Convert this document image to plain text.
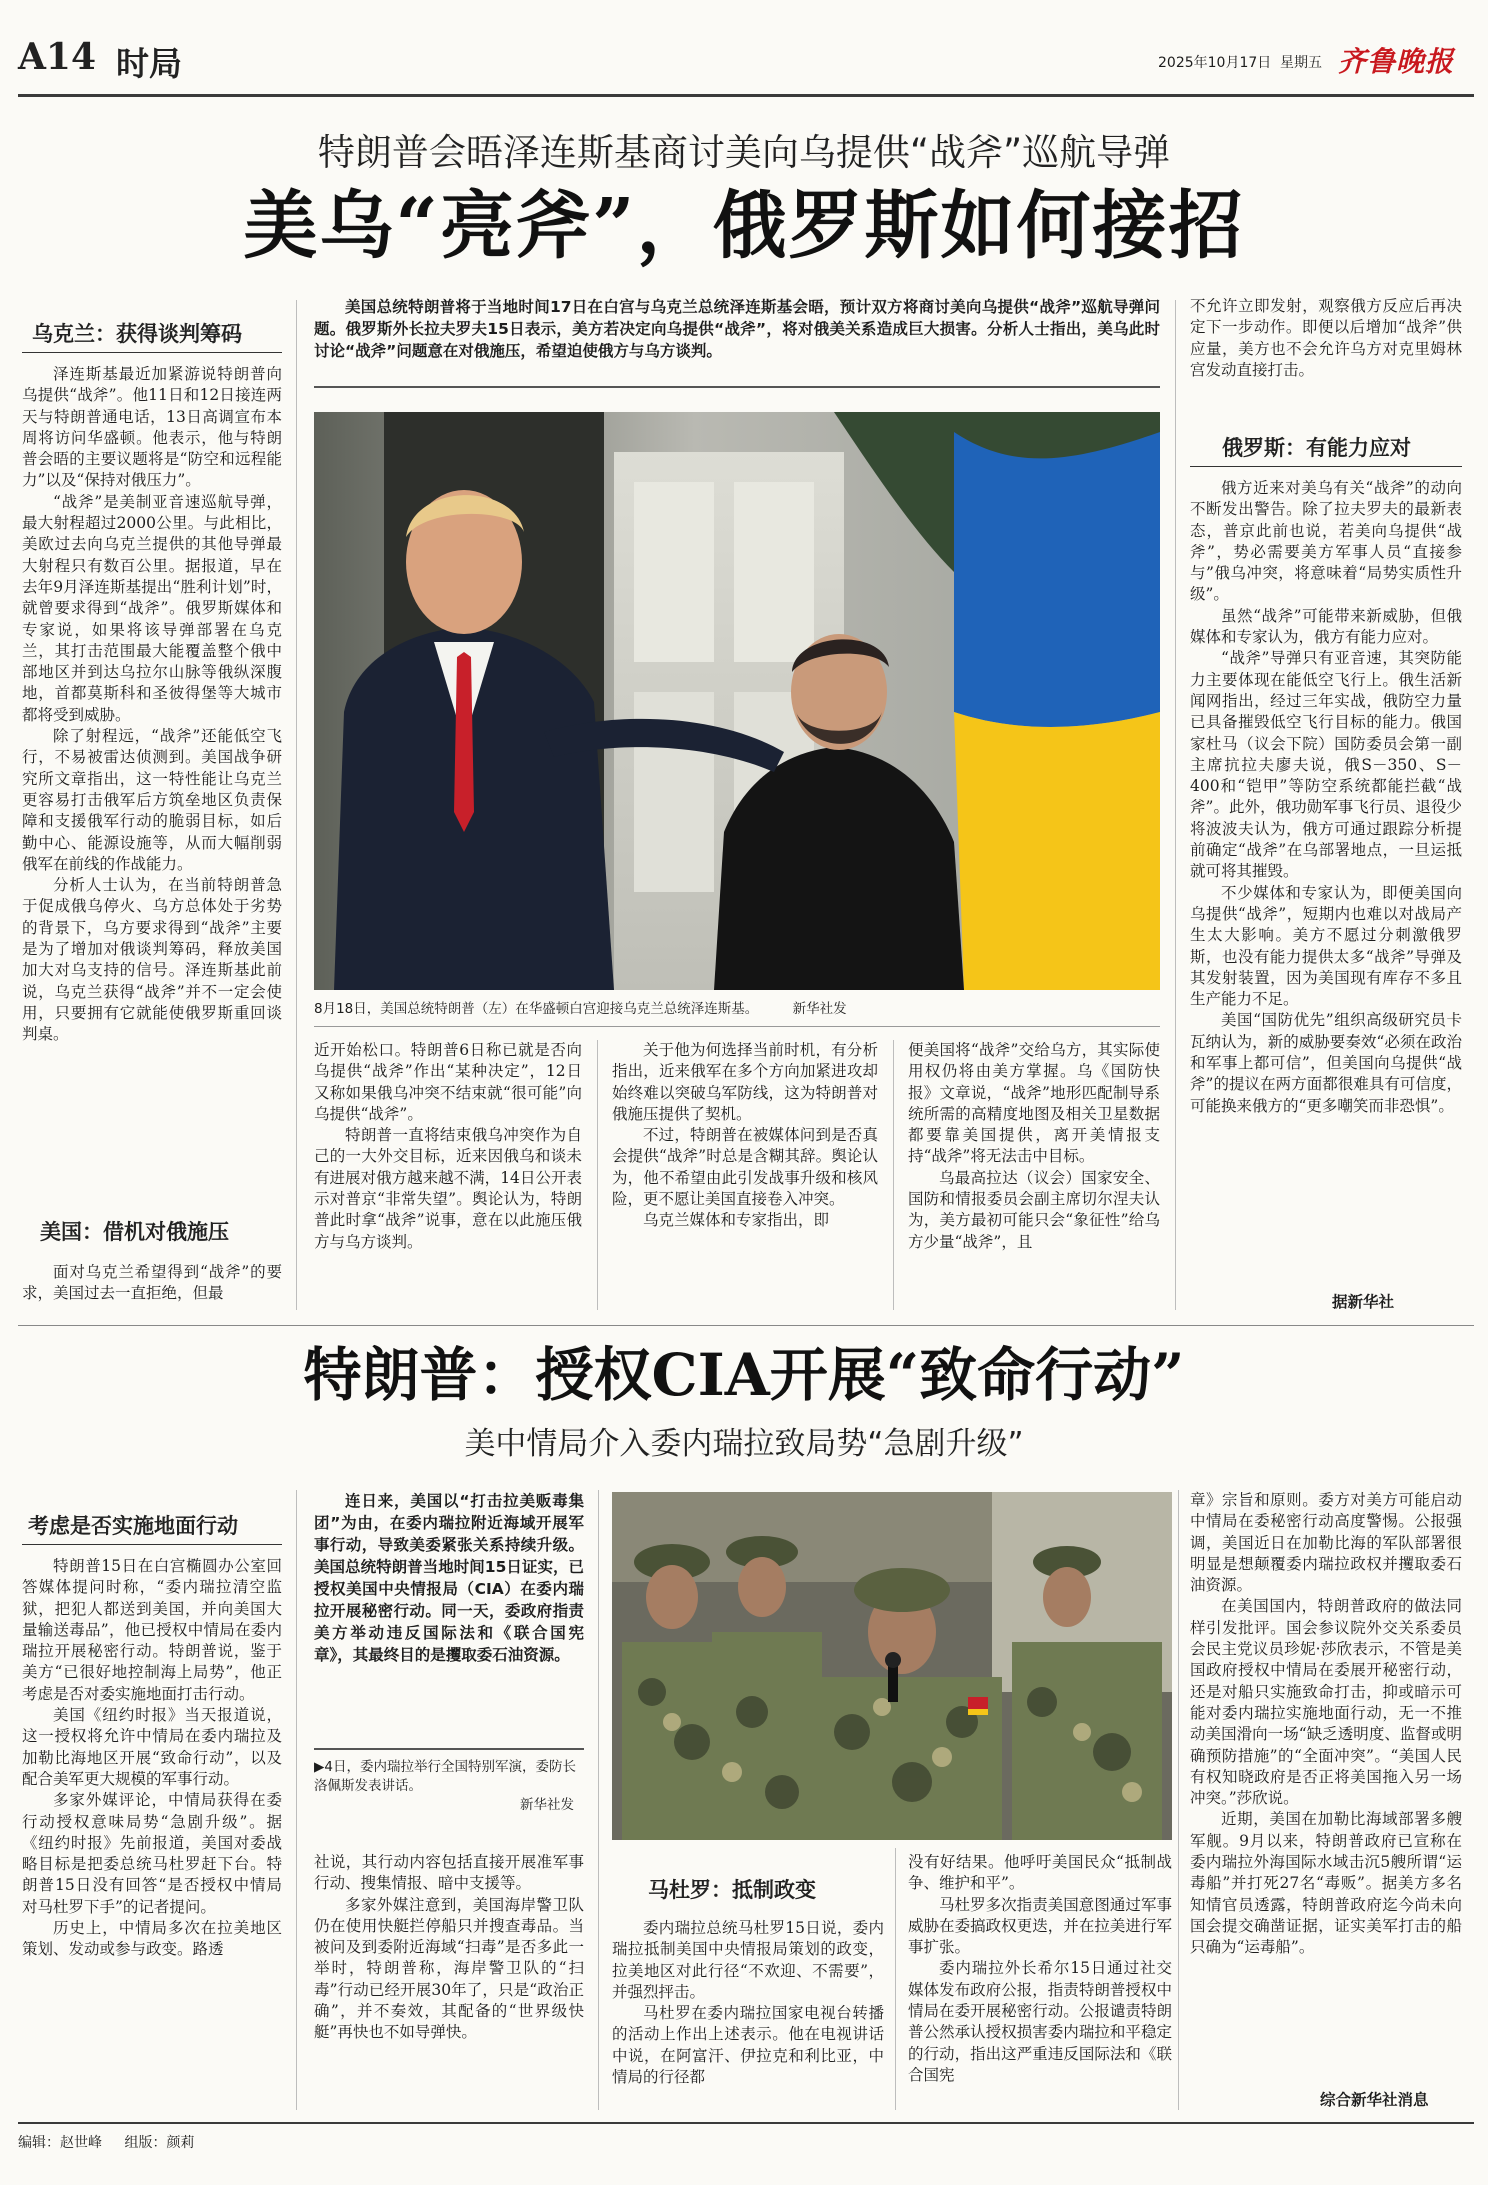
A14 时局	2025年10月17日 星期五 齐鲁晚报
特朗普会晤泽连斯基商讨美向乌提供“战斧”巡航导弹
美乌“亮斧”，俄罗斯如何接招
乌克兰：获得谈判筹码

泽连斯基最近加紧游说特朗普向乌提供“战斧”。他11日和12日接连两天与特朗普通电话，13日高调宣布本周将访问华盛顿。他表示，他与特朗普会晤的主要议题将是“防空和远程能力”以及“保持对俄压力”。

“战斧”是美制亚音速巡航导弹，最大射程超过2000公里。与此相比，美欧过去向乌克兰提供的其他导弹最大射程只有数百公里。据报道，早在去年9月泽连斯基提出“胜利计划”时，就曾要求得到“战斧”。俄罗斯媒体和专家说，如果将该导弹部署在乌克兰，其打击范围最大能覆盖整个俄中部地区并到达乌拉尔山脉等俄纵深腹地，首都莫斯科和圣彼得堡等大城市都将受到威胁。

除了射程远，“战斧”还能低空飞行，不易被雷达侦测到。美国战争研究所文章指出，这一特性能让乌克兰更容易打击俄军后方筑垒地区负责保障和支援俄军行动的脆弱目标，如后勤中心、能源设施等，从而大幅削弱俄军在前线的作战能力。

分析人士认为，在当前特朗普急于促成俄乌停火、乌方总体处于劣势的背景下，乌方要求得到“战斧”主要是为了增加对俄谈判筹码，释放美国加大对乌支持的信号。泽连斯基此前说，乌克兰获得“战斧”并不一定会使用，只要拥有它就能使俄罗斯重回谈判桌。

美国：借机对俄施压

面对乌克兰希望得到“战斧”的要求，美国过去一直拒绝，但最

美国总统特朗普将于当地时间17日在白宫与乌克兰总统泽连斯基会晤，预计双方将商讨美向乌提供“战斧”巡航导弹问题。俄罗斯外长拉夫罗夫15日表示，美方若决定向乌提供“战斧”，将对俄美关系造成巨大损害。分析人士指出，美乌此时讨论“战斧”问题意在对俄施压，希望迫使俄方与乌方谈判。

8月18日，美国总统特朗普（左）在华盛顿白宫迎接乌克兰总统泽连斯基。	新华社发

近开始松口。特朗普6日称已就是否向乌提供“战斧”作出“某种决定”，12日又称如果俄乌冲突不结束就“很可能”向乌提供“战斧”。

特朗普一直将结束俄乌冲突作为自己的一大外交目标，近来因俄乌和谈未有进展对俄方越来越不满，14日公开表示对普京“非常失望”。舆论认为，特朗普此时拿“战斧”说事，意在以此施压俄方与乌方谈判。

关于他为何选择当前时机，有分析指出，近来俄军在多个方向加紧进攻却始终难以突破乌军防线，这为特朗普对俄施压提供了契机。

不过，特朗普在被媒体问到是否真会提供“战斧”时总是含糊其辞。舆论认为，他不希望由此引发战事升级和核风险，更不愿让美国直接卷入冲突。

乌克兰媒体和专家指出，即

便美国将“战斧”交给乌方，其实际使用权仍将由美方掌握。乌《国防快报》文章说，“战斧”地形匹配制导系统所需的高精度地图及相关卫星数据都要靠美国提供，离开美情报支持“战斧”将无法击中目标。

乌最高拉达（议会）国家安全、国防和情报委员会副主席切尔涅夫认为，美方最初可能只会“象征性”给乌方少量“战斧”，且

不允许立即发射，观察俄方反应后再决定下一步动作。即便以后增加“战斧”供应量，美方也不会允许乌方对克里姆林宫发动直接打击。

俄罗斯：有能力应对

俄方近来对美乌有关“战斧”的动向不断发出警告。除了拉夫罗夫的最新表态，普京此前也说，若美向乌提供“战斧”，势必需要美方军事人员“直接参与”俄乌冲突，将意味着“局势实质性升级”。

虽然“战斧”可能带来新威胁，但俄媒体和专家认为，俄方有能力应对。

“战斧”导弹只有亚音速，其突防能力主要体现在能低空飞行上。俄生活新闻网指出，经过三年实战，俄防空力量已具备摧毁低空飞行目标的能力。俄国家杜马（议会下院）国防委员会第一副主席抗拉夫廖夫说，俄S－350、S－400和“铠甲”等防空系统都能拦截“战斧”。此外，俄功勋军事飞行员、退役少将波波夫认为，俄方可通过跟踪分析提前确定“战斧”在乌部署地点，一旦运抵就可将其摧毁。

不少媒体和专家认为，即便美国向乌提供“战斧”，短期内也难以对战局产生太大影响。美方不愿过分刺激俄罗斯，也没有能力提供太多“战斧”导弹及其发射装置，因为美国现有库存不多且生产能力不足。

美国“国防优先”组织高级研究员卡瓦纳认为，新的威胁要奏效“必须在政治和军事上都可信”，但美国向乌提供“战斧”的提议在两方面都很难具有可信度，可能换来俄方的“更多嘲笑而非恐惧”。

据新华社
特朗普：授权CIA开展“致命行动”
美中情局介入委内瑞拉致局势“急剧升级”
考虑是否实施地面行动

特朗普15日在白宫椭圆办公室回答媒体提问时称，“委内瑞拉清空监狱，把犯人都送到美国，并向美国大量输送毒品”，他已授权中情局在委内瑞拉开展秘密行动。特朗普说，鉴于美方“已很好地控制海上局势”，他正考虑是否对委实施地面打击行动。

美国《纽约时报》当天报道说，这一授权将允许中情局在委内瑞拉及加勒比海地区开展“致命行动”，以及配合美军更大规模的军事行动。

多家外媒评论，中情局获得在委行动授权意味局势“急剧升级”。据《纽约时报》先前报道，美国对委战略目标是把委总统马杜罗赶下台。特朗普15日没有回答“是否授权中情局对马杜罗下手”的记者提问。

历史上，中情局多次在拉美地区策划、发动或参与政变。路透

连日来，美国以“打击拉美贩毒集团”为由，在委内瑞拉附近海域开展军事行动，导致美委紧张关系持续升级。美国总统特朗普当地时间15日证实，已授权美国中央情报局（CIA）在委内瑞拉开展秘密行动。同一天，委政府指责美方举动违反国际法和《联合国宪章》，其最终目的是攫取委石油资源。

▶4日，委内瑞拉举行全国特别军演，委防长洛佩斯发表讲话。
新华社发

社说，其行动内容包括直接开展准军事行动、搜集情报、暗中支援等。

多家外媒注意到，美国海岸警卫队仍在使用快艇拦停船只并搜查毒品。当被问及到委附近海域“扫毒”是否多此一举时，特朗普称，海岸警卫队的“扫毒”行动已经开展30年了，只是“政治正确”，并不奏效，其配备的“世界级快艇”再快也不如导弹快。

马杜罗：抵制政变

委内瑞拉总统马杜罗15日说，委内瑞拉抵制美国中央情报局策划的政变，拉美地区对此行径“不欢迎、不需要”，并强烈抨击。

马杜罗在委内瑞拉国家电视台转播的活动上作出上述表示。他在电视讲话中说，在阿富汗、伊拉克和利比亚，中情局的行径都

没有好结果。他呼吁美国民众“抵制战争、维护和平”。

马杜罗多次指责美国意图通过军事威胁在委搞政权更迭，并在拉美进行军事扩张。

委内瑞拉外长希尔15日通过社交媒体发布政府公报，指责特朗普授权中情局在委开展秘密行动。公报谴责特朗普公然承认授权损害委内瑞拉和平稳定的行动，指出这严重违反国际法和《联合国宪

章》宗旨和原则。委方对美方可能启动中情局在委秘密行动高度警惕。公报强调，美国近日在加勒比海的军队部署很明显是想颠覆委内瑞拉政权并攫取委石油资源。

在美国国内，特朗普政府的做法同样引发批评。国会参议院外交关系委员会民主党议员珍妮·莎欣表示，不管是美国政府授权中情局在委展开秘密行动，还是对船只实施致命打击，抑或暗示可能对委内瑞拉实施地面行动，无一不推动美国滑向一场“缺乏透明度、监督或明确预防措施”的“全面冲突”。“美国人民有权知晓政府是否正将美国拖入另一场冲突。”莎欣说。

近期，美国在加勒比海域部署多艘军舰。9月以来，特朗普政府已宣称在委内瑞拉外海国际水域击沉5艘所谓“运毒船”并打死27名“毒贩”。据美方多名知情官员透露，特朗普政府迄今尚未向国会提交确凿证据，证实美军打击的船只确为“运毒船”。

综合新华社消息
编辑：赵世峰 组版：颜莉
